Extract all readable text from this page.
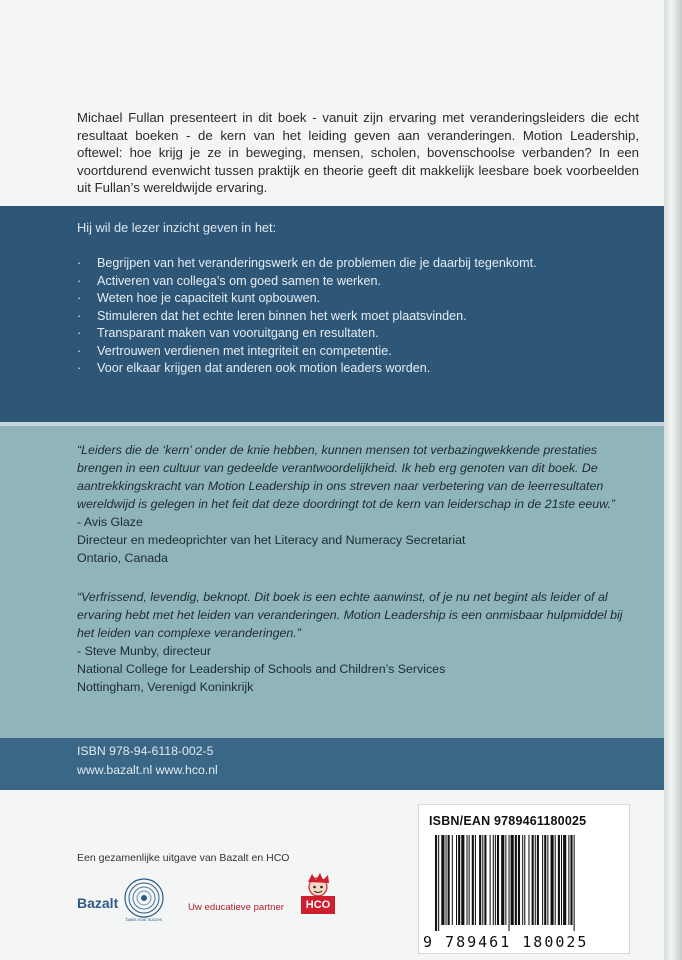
Michael Fullan presenteert in dit boek - vanuit zijn ervaring met veranderingsleiders die echt resultaat boeken - de kern van het leiding geven aan veranderingen. Motion Leadership, oftewel: hoe krijg je ze in beweging, mensen, scholen, bovenschoolse verbanden? In een voortdurend evenwicht tussen praktijk en theorie geeft dit makkelijk leesbare boek voorbeelden uit Fullan’s wereldwijde ervaring.

Hij wil de lezer inzicht geven in het:
· Begrijpen van het veranderingswerk en de problemen die je daarbij tegenkomt.
· Activeren van collega’s om goed samen te werken.
· Weten hoe je capaciteit kunt opbouwen.
· Stimuleren dat het echte leren binnen het werk moet plaatsvinden.
· Transparant maken van vooruitgang en resultaten.
· Vertrouwen verdienen met integriteit en competentie.
· Voor elkaar krijgen dat anderen ook motion leaders worden.
“Leiders die de ‘kern’ onder de knie hebben, kunnen mensen tot verbazingwekkende prestaties brengen in een cultuur van gedeelde verantwoordelijkheid. Ik heb erg genoten van dit boek. De aantrekkingskracht van Motion Leadership in ons streven naar verbetering van de leerresultaten wereldwijd is gelegen in het feit dat deze doordringt tot de kern van leiderschap in de 21ste eeuw.”
- Avis Glaze
Directeur en medeoprichter van het Literacy and Numeracy Secretariat
Ontario, Canada
“Verfrissend, levendig, beknopt. Dit boek is een echte aanwinst, of je nu net begint als leider of al ervaring hebt met het leiden van veranderingen. Motion Leadership is een onmisbaar hulpmiddel bij het leiden van complexe veranderingen.”
- Steve Munby, directeur
National College for Leadership of Schools and Children’s Services
Nottingham, Verenigd Koninkrijk
ISBN 978-94-6118-002-5
www.bazalt.nl www.hco.nl
Een gezamenlijke uitgave van Bazalt en HCO
Bazalt
basis voor succes
Uw educatieve partner	HCO
ISBN/EAN 9789461180025
9 789461 180025
